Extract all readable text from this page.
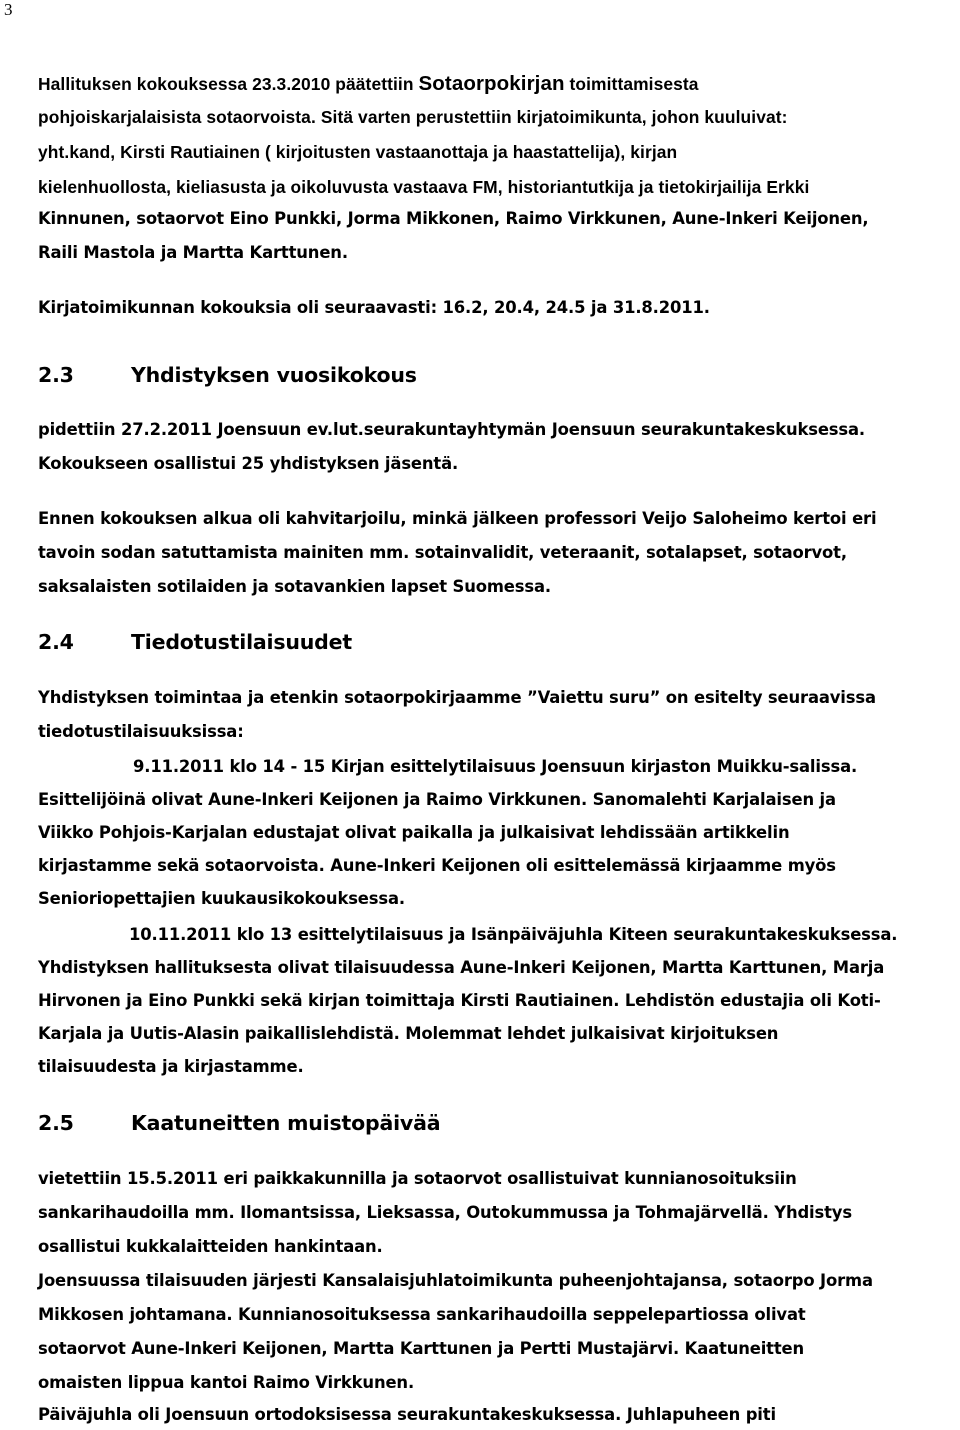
3
Hallituksen kokouksessa 23.3.2010 päätettiin Sotaorpokirjan toimittamisesta
pohjoiskarjalaisista sotaorvoista. Sitä varten perustettiin kirjatoimikunta, johon kuuluivat:
yht.kand, Kirsti Rautiainen ( kirjoitusten vastaanottaja ja haastattelija), kirjan
kielenhuollosta, kieliasusta ja oikoluvusta vastaava FM, historiantutkija ja tietokirjailija Erkki
Kinnunen, sotaorvot Eino Punkki, Jorma Mikkonen, Raimo Virkkunen, Aune-Inkeri Keijonen,
Raili Mastola ja Martta Karttunen.
Kirjatoimikunnan kokouksia oli seuraavasti: 16.2, 20.4, 24.5 ja 31.8.2011.
2.3	Yhdistyksen vuosikokous
pidettiin 27.2.2011 Joensuun ev.lut.seurakuntayhtymän Joensuun seurakuntakeskuksessa.
Kokoukseen osallistui 25 yhdistyksen jäsentä.
Ennen kokouksen alkua oli kahvitarjoilu, minkä jälkeen professori Veijo Saloheimo kertoi eri
tavoin sodan satuttamista mainiten mm. sotainvalidit, veteraanit, sotalapset, sotaorvot,
saksalaisten sotilaiden ja sotavankien lapset Suomessa.
2.4	Tiedotustilaisuudet
Yhdistyksen toimintaa ja etenkin sotaorpokirjaamme ”Vaiettu suru” on esitelty seuraavissa
tiedotustilaisuuksissa:
9.11.2011 klo 14 - 15 Kirjan esittelytilaisuus Joensuun kirjaston Muikku-salissa.
Esittelijöinä olivat Aune-Inkeri Keijonen ja Raimo Virkkunen. Sanomalehti Karjalaisen ja
Viikko Pohjois-Karjalan edustajat olivat paikalla ja julkaisivat lehdissään artikkelin
kirjastamme sekä sotaorvoista. Aune-Inkeri Keijonen oli esittelemässä kirjaamme myös
Senioriopettajien kuukausikokouksessa.
10.11.2011 klo 13 esittelytilaisuus ja Isänpäiväjuhla Kiteen seurakuntakeskuksessa.
Yhdistyksen hallituksesta olivat tilaisuudessa Aune-Inkeri Keijonen, Martta Karttunen, Marja
Hirvonen ja Eino Punkki sekä kirjan toimittaja Kirsti Rautiainen. Lehdistön edustajia oli Koti-
Karjala ja Uutis-Alasin paikallislehdistä. Molemmat lehdet julkaisivat kirjoituksen
tilaisuudesta ja kirjastamme.
2.5	Kaatuneitten muistopäivää
vietettiin 15.5.2011 eri paikkakunnilla ja sotaorvot osallistuivat kunnianosoituksiin
sankarihaudoilla mm. Ilomantsissa, Lieksassa, Outokummussa ja Tohmajärvellä. Yhdistys
osallistui kukkalaitteiden hankintaan.
Joensuussa tilaisuuden järjesti Kansalaisjuhlatoimikunta puheenjohtajansa, sotaorpo Jorma
Mikkosen johtamana. Kunnianosoituksessa sankarihaudoilla seppelepartiossa olivat
sotaorvot Aune-Inkeri Keijonen, Martta Karttunen ja Pertti Mustajärvi. Kaatuneitten
omaisten lippua kantoi Raimo Virkkunen.
Päiväjuhla oli Joensuun ortodoksisessa seurakuntakeskuksessa. Juhlapuheen piti
